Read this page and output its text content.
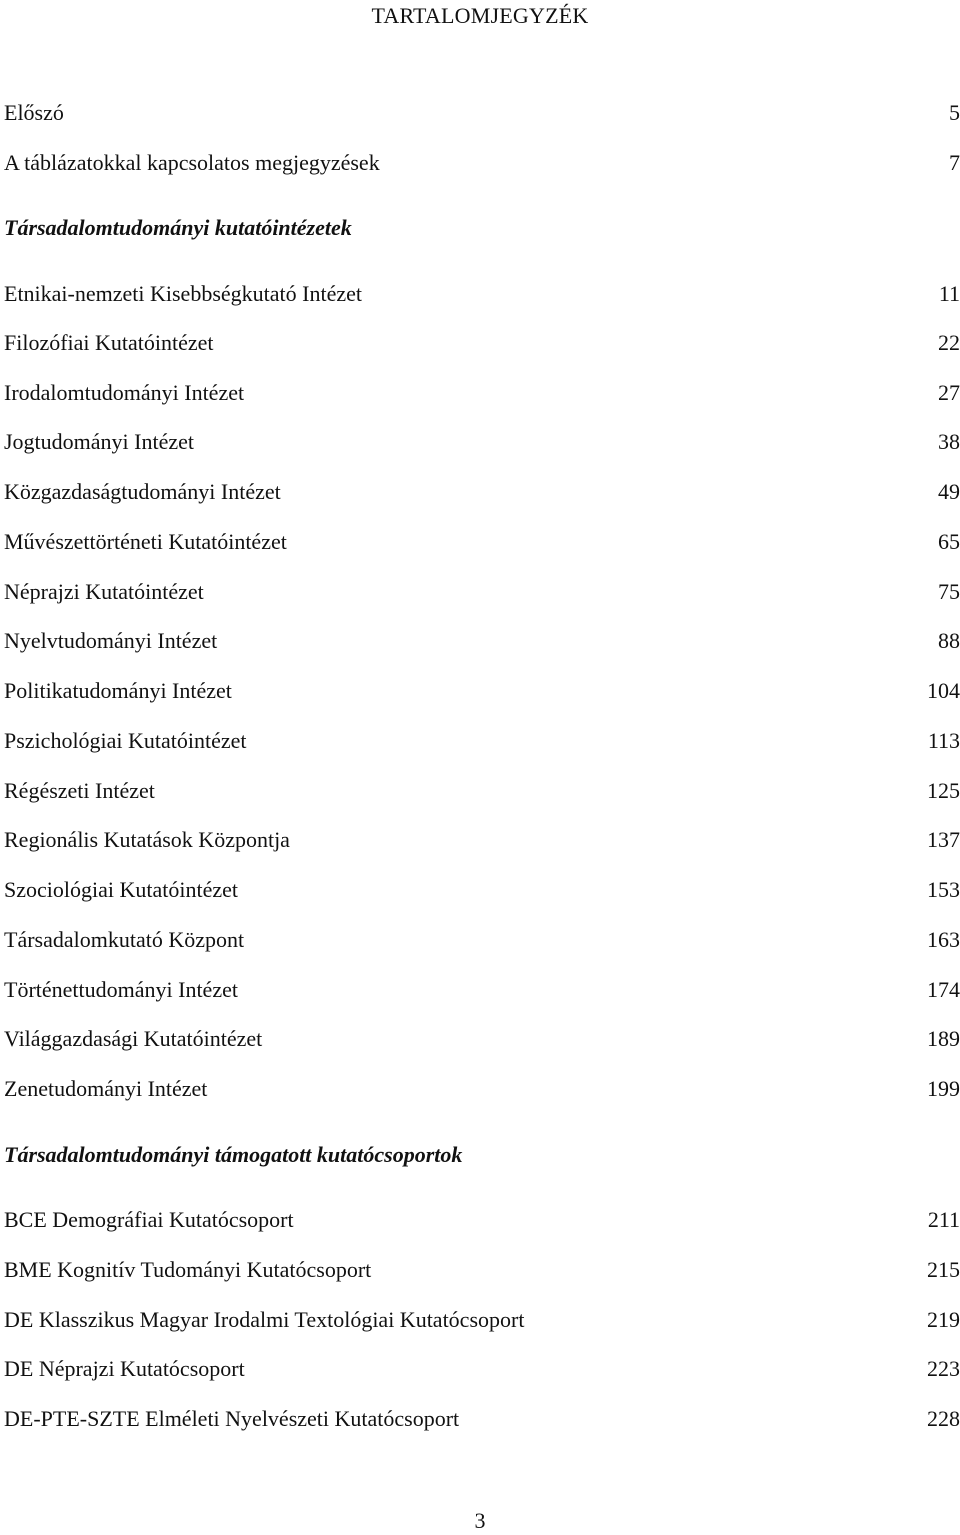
TARTALOMJEGYZÉK
Előszó	5
A táblázatokkal kapcsolatos megjegyzések	7
Társadalomtudományi kutatóintézetek
Etnikai-nemzeti Kisebbségkutató Intézet	11
Filozófiai Kutatóintézet	22
Irodalomtudományi Intézet	27
Jogtudományi Intézet	38
Közgazdaságtudományi Intézet	49
Művészettörténeti Kutatóintézet	65
Néprajzi Kutatóintézet	75
Nyelvtudományi Intézet	88
Politikatudományi Intézet	104
Pszichológiai Kutatóintézet	113
Régészeti Intézet	125
Regionális Kutatások Központja	137
Szociológiai Kutatóintézet	153
Társadalomkutató Központ	163
Történettudományi Intézet	174
Világgazdasági Kutatóintézet	189
Zenetudományi Intézet	199
Társadalomtudományi támogatott kutatócsoportok
BCE Demográfiai Kutatócsoport	211
BME Kognitív Tudományi Kutatócsoport	215
DE Klasszikus Magyar Irodalmi Textológiai Kutatócsoport	219
DE Néprajzi Kutatócsoport	223
DE-PTE-SZTE Elméleti Nyelvészeti Kutatócsoport	228
3
